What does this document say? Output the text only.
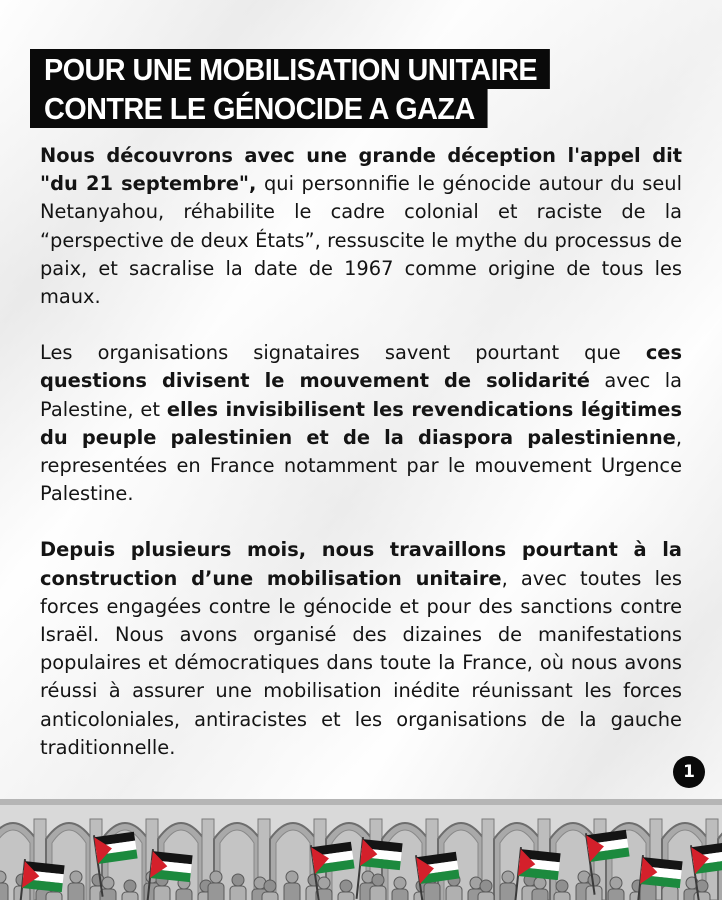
POUR UNE MOBILISATION UNITAIRE
CONTRE LE GÉNOCIDE A GAZA

Nous découvrons avec une grande déception l'appel dit "du 21 septembre", qui personnifie le génocide autour du seul Netanyahou, réhabilite le cadre colonial et raciste de la “perspective de deux États”, ressuscite le mythe du processus de paix, et sacralise la date de 1967 comme origine de tous les maux.

Les organisations signataires savent pourtant que ces questions divisent le mouvement de solidarité avec la Palestine, et elles invisibilisent les revendications légitimes du peuple palestinien et de la diaspora palestinienne, representées en France notamment par le mouvement Urgence Palestine.

Depuis plusieurs mois, nous travaillons pourtant à la construction d’une mobilisation unitaire, avec toutes les forces engagées contre le génocide et pour des sanctions contre Israël. Nous avons organisé des dizaines de manifestations populaires et démocratiques dans toute la France, où nous avons réussi à assurer une mobilisation inédite réunissant les forces anticoloniales, antiracistes et les organisations de la gauche traditionnelle.

1
